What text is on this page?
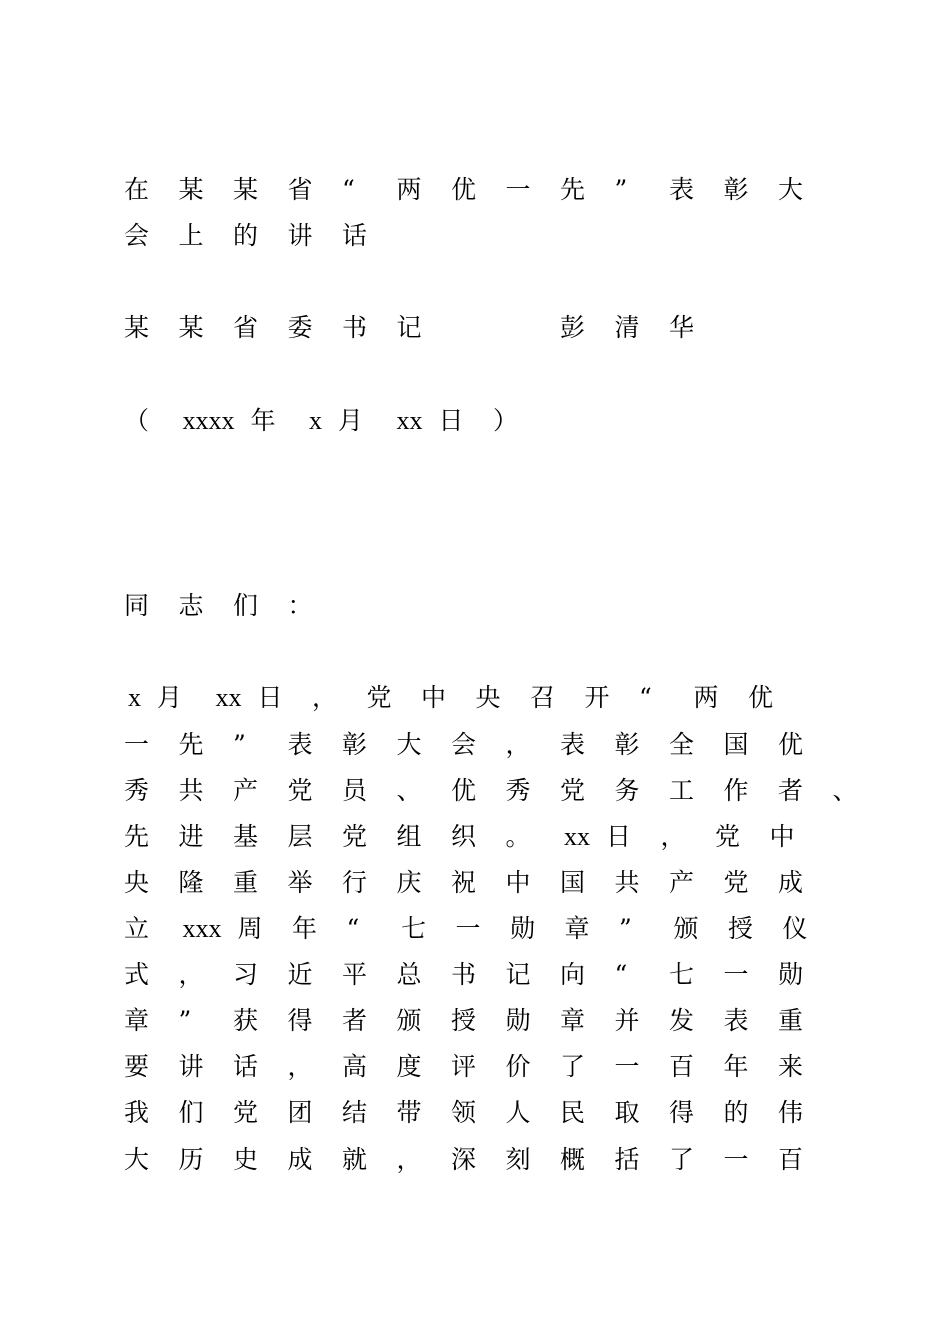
在 某 某 省 “ 两 优 一 先 ” 表 彰 大
会 上 的 讲 话
某 某 省 委 书 记	彭 清 华
（ xxxx 年 x 月 xx 日 ）
同 志 们 ：
x 月 xx 日 ， 党 中 央 召 开 “ 两 优
一 先 ” 表 彰 大 会 ， 表 彰 全 国 优
秀 共 产 党 员 、 优 秀 党 务 工 作 者 、
先 进 基 层 党 组 织 。 xx 日 ， 党 中
央 隆 重 举 行 庆 祝 中 国 共 产 党 成
立 xxx 周 年 “ 七 一 勋 章 ” 颁 授 仪
式 ， 习 近 平 总 书 记 向 “ 七 一 勋
章 ” 获 得 者 颁 授 勋 章 并 发 表 重
要 讲 话 ， 高 度 评 价 了 一 百 年 来
我 们 党 团 结 带 领 人 民 取 得 的 伟
大 历 史 成 就 ， 深 刻 概 括 了 一 百
